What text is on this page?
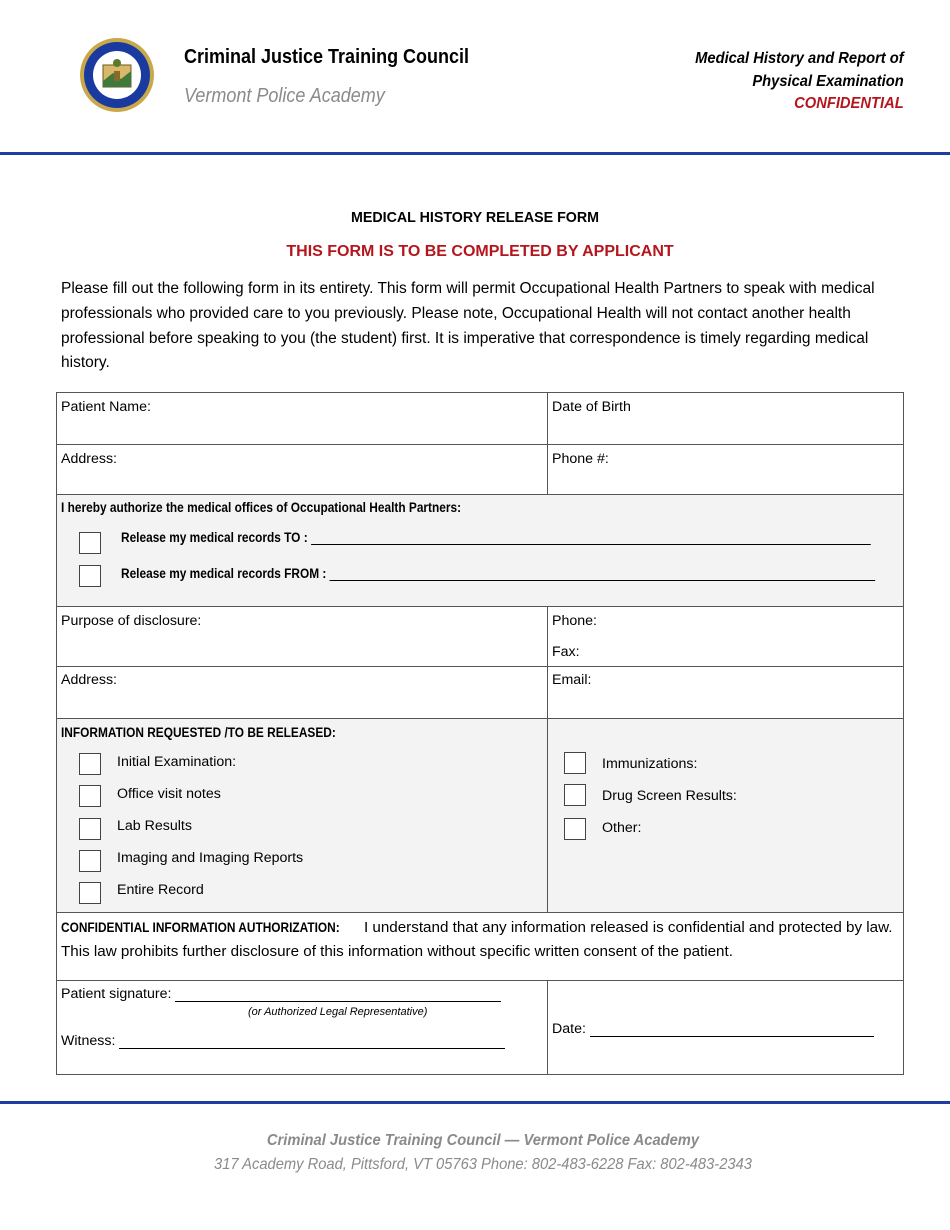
Criminal Justice Training Council
Vermont Police Academy
Medical History and Report of
Physical Examination
CONFIDENTIAL
MEDICAL HISTORY RELEASE FORM
THIS FORM IS TO BE COMPLETED BY APPLICANT
Please fill out the following form in its entirety. This form will permit Occupational Health Partners to speak with medical professionals who provided care to you previously. Please note, Occupational Health will not contact another health professional before speaking to you (the student) first. It is imperative that correspondence is timely regarding medical history.
Patient Name:	Date of Birth
Address:	Phone #:
I hereby authorize the medical offices of Occupational Health Partners:
Release my medical records TO :
Release my medical records FROM :
Purpose of disclosure:	Phone:
Fax:
Address:	Email:
INFORMATION REQUESTED /TO BE RELEASED:
Initial Examination:
Office visit notes
Lab Results
Imaging and Imaging Reports
Entire Record
Immunizations:
Drug Screen Results:
Other:
CONFIDENTIAL INFORMATION AUTHORIZATION: I understand that any information released is confidential and protected by law. This law prohibits further disclosure of this information without specific written consent of the patient.
Patient signature:
(or Authorized Legal Representative)
Witness:
Date:
Criminal Justice Training Council — Vermont Police Academy
317 Academy Road, Pittsford, VT 05763 Phone: 802-483-6228 Fax: 802-483-2343
